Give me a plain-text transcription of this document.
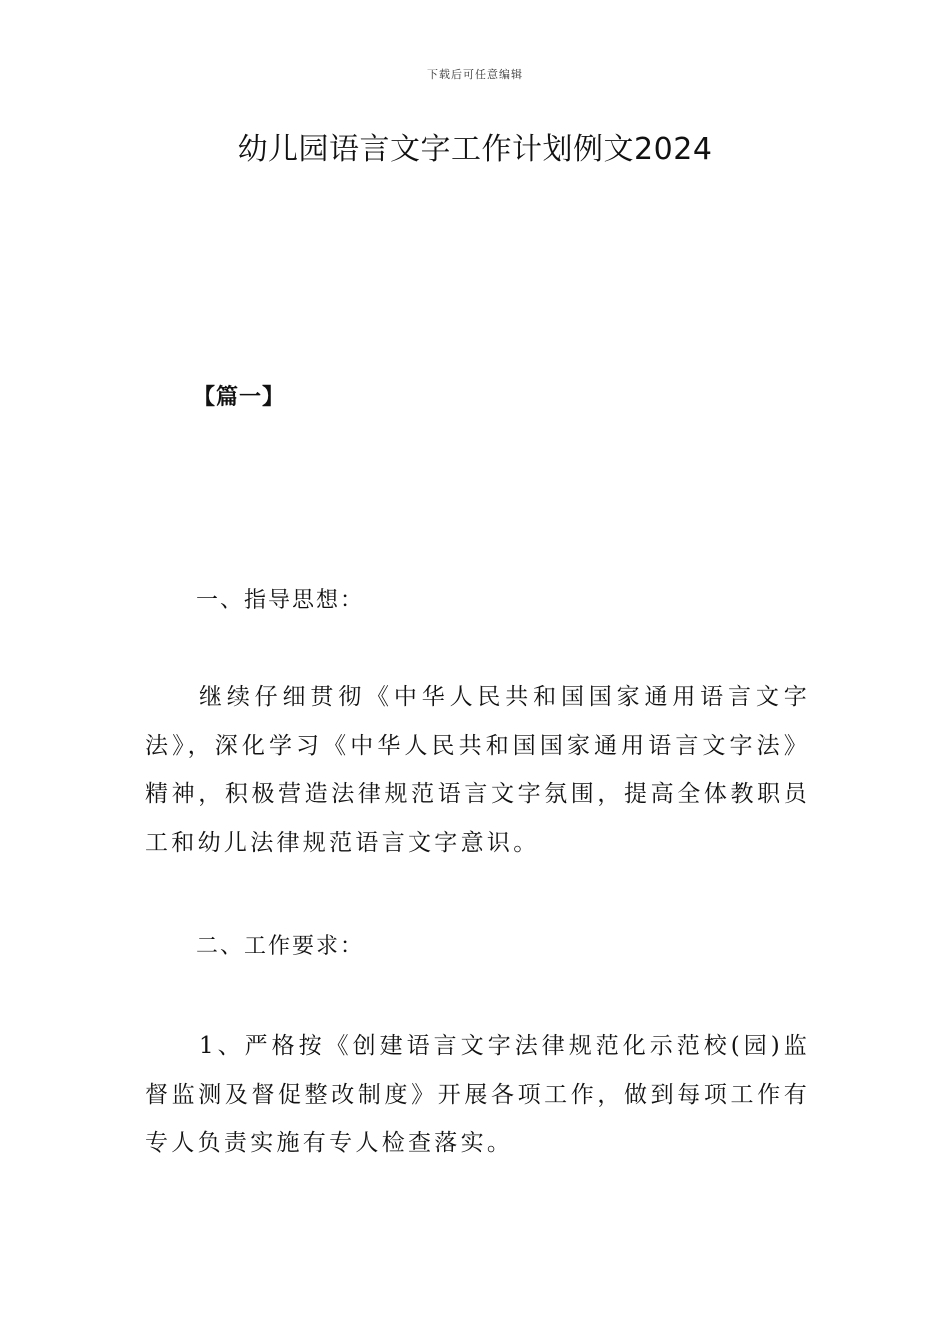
下载后可任意编辑
幼儿园语言文字工作计划例文2024
【篇一】
一、指导思想：

继续仔细贯彻《中华人民共和国国家通用语言文字法》，深化学习《中华人民共和国国家通用语言文字法》精神，积极营造法律规范语言文字氛围，提高全体教职员工和幼儿法律规范语言文字意识。

二、工作要求：

1、严格按《创建语言文字法律规范化示范校(园)监督监测及督促整改制度》开展各项工作，做到每项工作有专人负责实施有专人检查落实。
